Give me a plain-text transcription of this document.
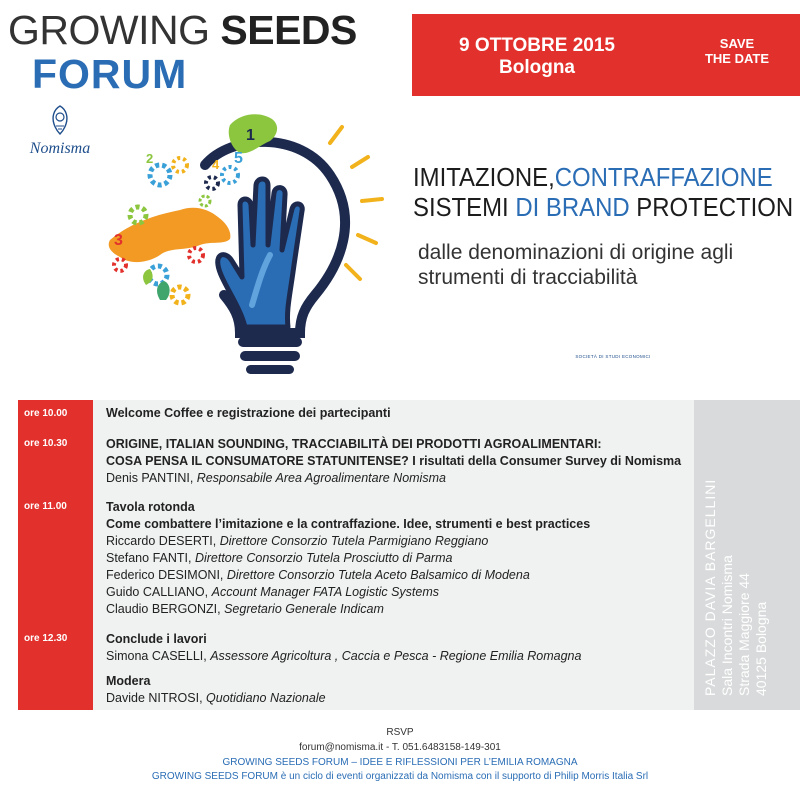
GROWING SEEDS
FORUM
Nomisma
SOCIETÀ DI STUDI ECONOMICI
9 OTTOBRE 2015
Bologna
SAVE
THE DATE
1
4 5
3
2
IMITAZIONE,CONTRAFFAZIONE
SISTEMI DI BRAND PROTECTION
dalle denominazioni di origine agli strumenti di tracciabilità
ore 10.00
ore 10.30
ore 11.00
ore 12.30
Welcome Coffee e registrazione dei partecipanti
ORIGINE, ITALIAN SOUNDING, TRACCIABILITÀ DEI PRODOTTI AGROALIMENTARI:
COSA PENSA IL CONSUMATORE STATUNITENSE? I risultati della Consumer Survey di Nomisma
Denis PANTINI, Responsabile Area Agroalimentare Nomisma
Tavola rotonda
Come combattere l’imitazione e la contraffazione. Idee, strumenti e best practices
Riccardo DESERTI, Direttore Consorzio Tutela Parmigiano Reggiano
Stefano FANTI, Direttore Consorzio Tutela Prosciutto di Parma
Federico DESIMONI, Direttore Consorzio Tutela Aceto Balsamico di Modena
Guido CALLIANO, Account Manager FATA Logistic Systems
Claudio BERGONZI, Segretario Generale Indicam
Conclude i lavori
Simona CASELLI, Assessore Agricoltura , Caccia e Pesca - Regione Emilia Romagna
Modera
Davide NITROSI, Quotidiano Nazionale
PALAZZO DAVIA BARGELLINI Sala Incontri Nomisma Strada Maggiore 44 40125 Bologna
RSVP
forum@nomisma.it - T. 051.6483158-149-301
GROWING SEEDS FORUM – IDEE E RIFLESSIONI PER L’EMILIA ROMAGNA
GROWING SEEDS FORUM è un ciclo di eventi organizzati da Nomisma con il supporto di Philip Morris Italia Srl
